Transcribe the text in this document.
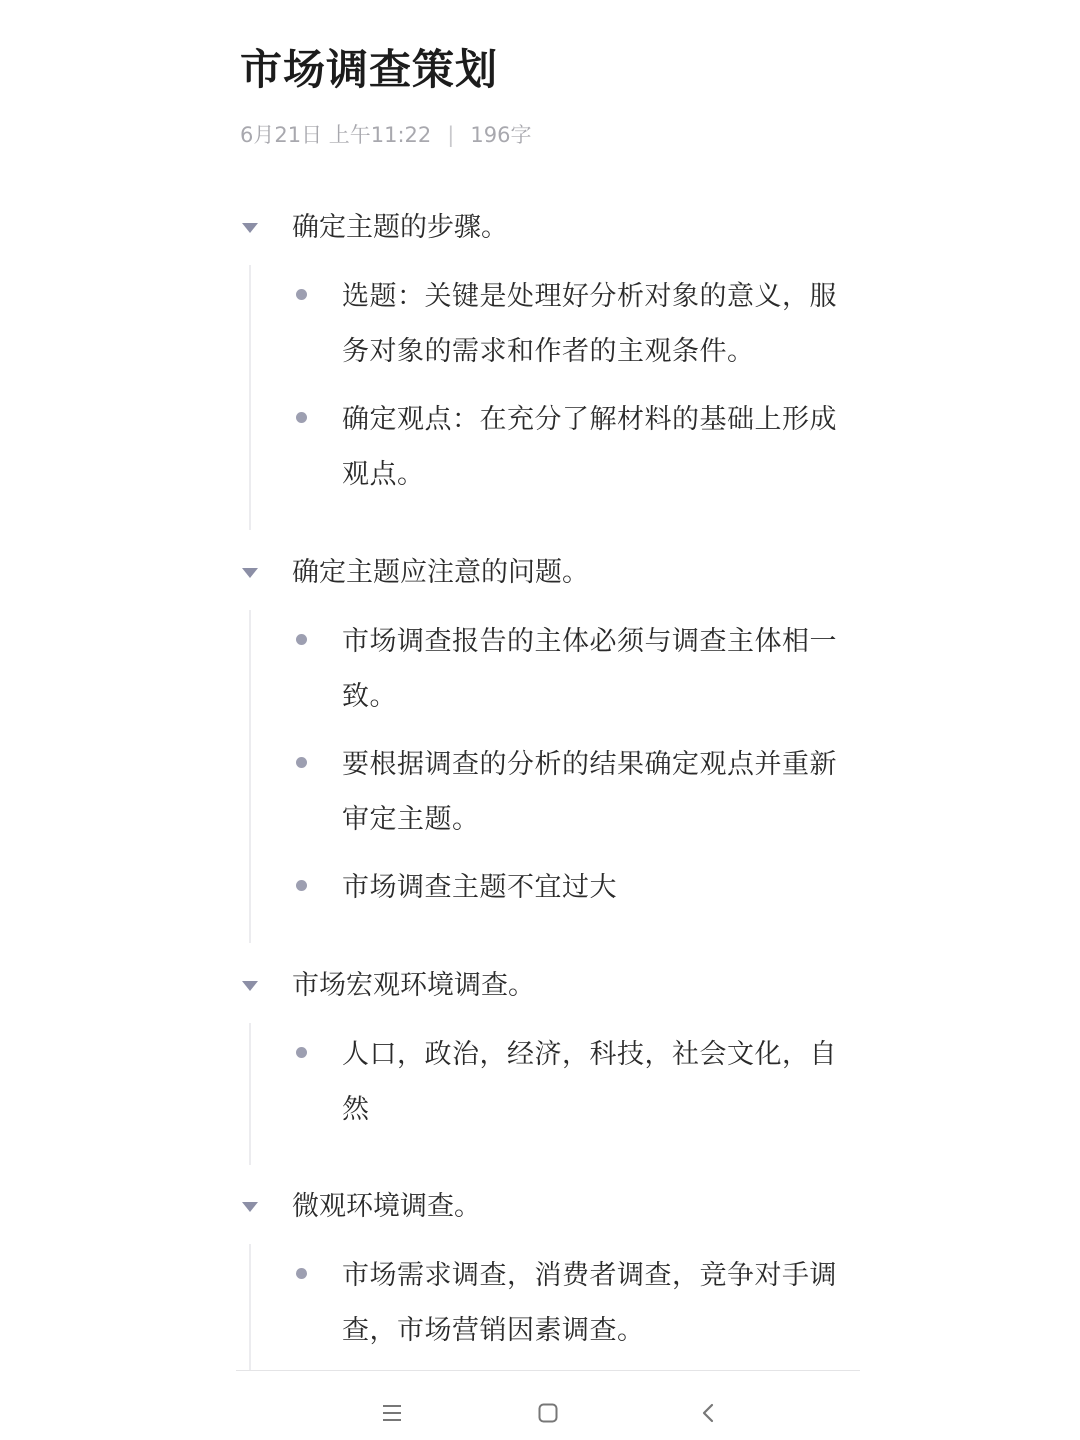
市场调查策划
6月21日 上午11:22 | 196字
确定主题的步骤。
选题：关键是处理好分析对象的意义，服务对象的需求和作者的主观条件。
确定观点：在充分了解材料的基础上形成观点。
确定主题应注意的问题。
市场调查报告的主体必须与调查主体相一致。
要根据调查的分析的结果确定观点并重新审定主题。
市场调查主题不宜过大
市场宏观环境调查。
人口，政治，经济，科技，社会文化，自然
微观环境调查。
市场需求调查，消费者调查，竞争对手调查，市场营销因素调查。
